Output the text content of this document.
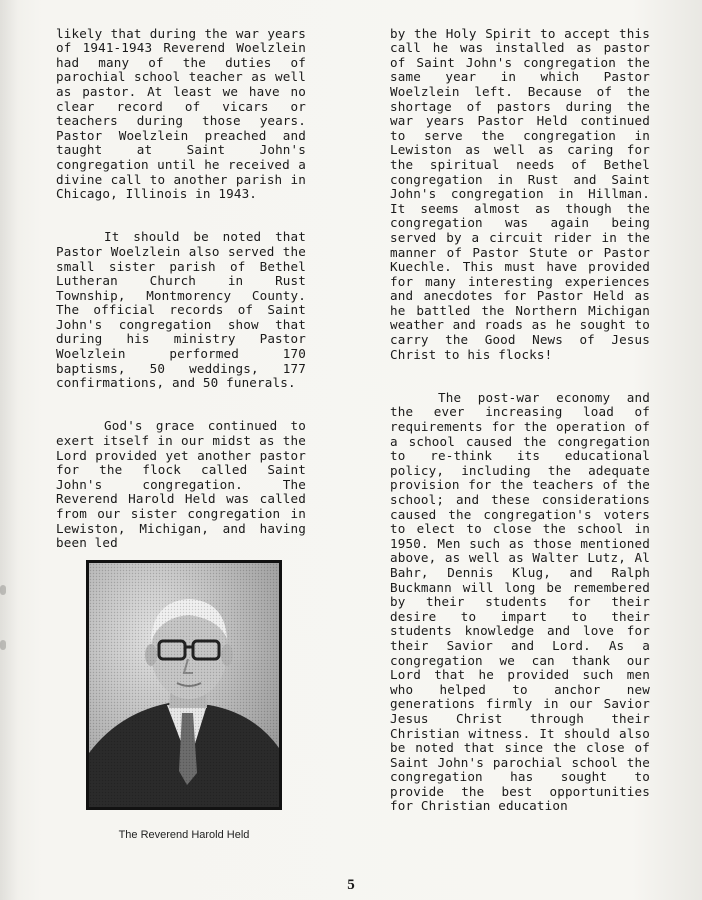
likely that during the war years of 1941-1943 Reverend Woelzlein had many of the duties of parochial school teacher as well as pastor. At least we have no clear record of vicars or teachers during those years. Pastor Woelzlein preached and taught at Saint John's congregation until he received a divine call to another parish in Chicago, Illinois in 1943.

It should be noted that Pastor Woelzlein also served the small sister parish of Bethel Lutheran Church in Rust Township, Montmorency County. The official records of Saint John's congregation show that during his ministry Pastor Woelzlein performed 170 baptisms, 50 weddings, 177 confirmations, and 50 funerals.

God's grace continued to exert itself in our midst as the Lord provided yet another pastor for the flock called Saint John's congregation. The Reverend Harold Held was called from our sister congregation in Lewiston, Michigan, and having been led

The Reverend Harold Held

by the Holy Spirit to accept this call he was installed as pastor of Saint John's congregation the same year in which Pastor Woelzlein left. Because of the shortage of pastors during the war years Pastor Held continued to serve the congregation in Lewiston as well as caring for the spiritual needs of Bethel congregation in Rust and Saint John's congregation in Hillman. It seems almost as though the congregation was again being served by a circuit rider in the manner of Pastor Stute or Pastor Kuechle. This must have provided for many interesting experiences and anecdotes for Pastor Held as he battled the Northern Michigan weather and roads as he sought to carry the Good News of Jesus Christ to his flocks!

The post-war economy and the ever increasing load of requirements for the operation of a school caused the congregation to re-think its educational policy, including the adequate provision for the teachers of the school; and these considerations caused the congregation's voters to elect to close the school in 1950. Men such as those mentioned above, as well as Walter Lutz, Al Bahr, Dennis Klug, and Ralph Buckmann will long be remembered by their students for their desire to impart to their students knowledge and love for their Savior and Lord. As a congregation we can thank our Lord that he provided such men who helped to anchor new generations firmly in our Savior Jesus Christ through their Christian witness. It should also be noted that since the close of Saint John's parochial school the congregation has sought to provide the best opportunities for Christian education

5
